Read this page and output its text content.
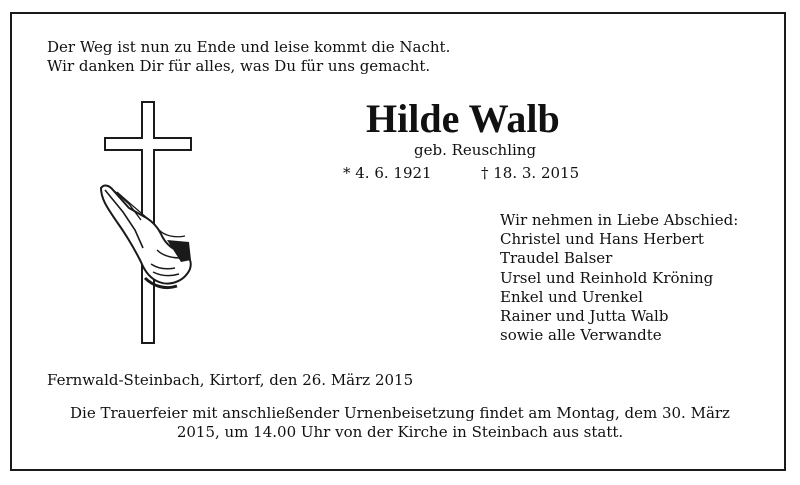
Der Weg ist nun zu Ende und leise kommt die Nacht.
Wir danken Dir für alles, was Du für uns gemacht.
Hilde Walb
geb. Reuschling
* 4. 6. 1921	† 18. 3. 2015
Wir nehmen in Liebe Abschied:
Christel und Hans Herbert
Traudel Balser
Ursel und Reinhold Kröning
Enkel und Urenkel
Rainer und Jutta Walb
sowie alle Verwandte
Fernwald-Steinbach, Kirtorf, den 26. März 2015
Die Trauerfeier mit anschließender Urnenbeisetzung findet am Montag, dem 30. März
2015, um 14.00 Uhr von der Kirche in Steinbach aus statt.
